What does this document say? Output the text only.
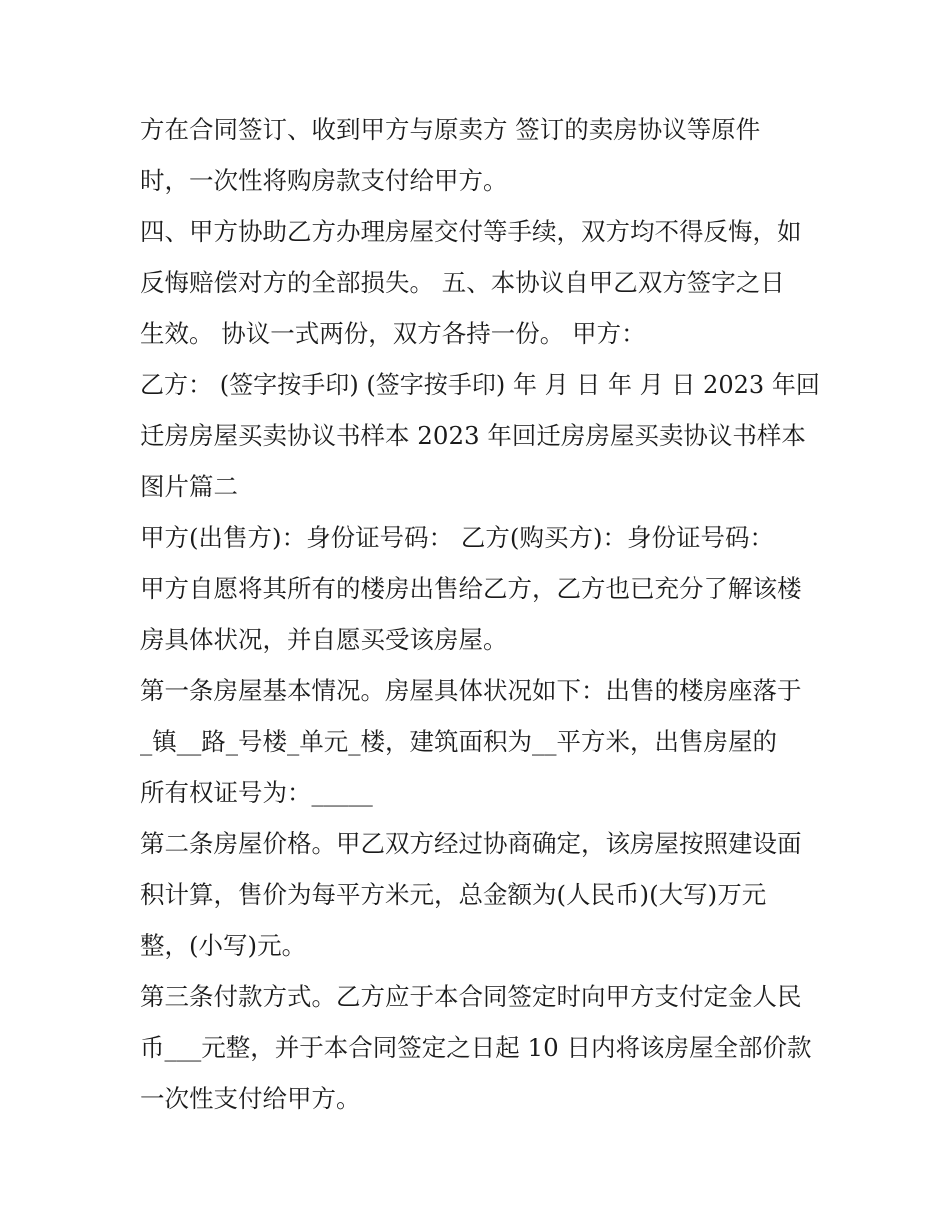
方在合同签订、收到甲方与原卖方 签订的卖房协议等原件
时，一次性将购房款支付给甲方。
四、甲方协助乙方办理房屋交付等手续，双方均不得反悔，如
反悔赔偿对方的全部损失。 五、本协议自甲乙双方签字之日
生效。 协议一式两份，双方各持一份。 甲方：
乙方： (签字按手印) (签字按手印) 年 月 日 年 月 日 2023 年回
迁房房屋买卖协议书样本 2023 年回迁房房屋买卖协议书样本
图片篇二
甲方(出售方)：身份证号码： 乙方(购买方)：身份证号码：
甲方自愿将其所有的楼房出售给乙方，乙方也已充分了解该楼
房具体状况，并自愿买受该房屋。
第一条房屋基本情况。房屋具体状况如下：出售的楼房座落于
_镇__路_号楼_单元_楼，建筑面积为__平方米，出售房屋的
所有权证号为：_____
第二条房屋价格。甲乙双方经过协商确定，该房屋按照建设面
积计算，售价为每平方米元，总金额为(人民币)(大写)万元
整，(小写)元。
第三条付款方式。乙方应于本合同签定时向甲方支付定金人民
币___元整，并于本合同签定之日起 10 日内将该房屋全部价款
一次性支付给甲方。
